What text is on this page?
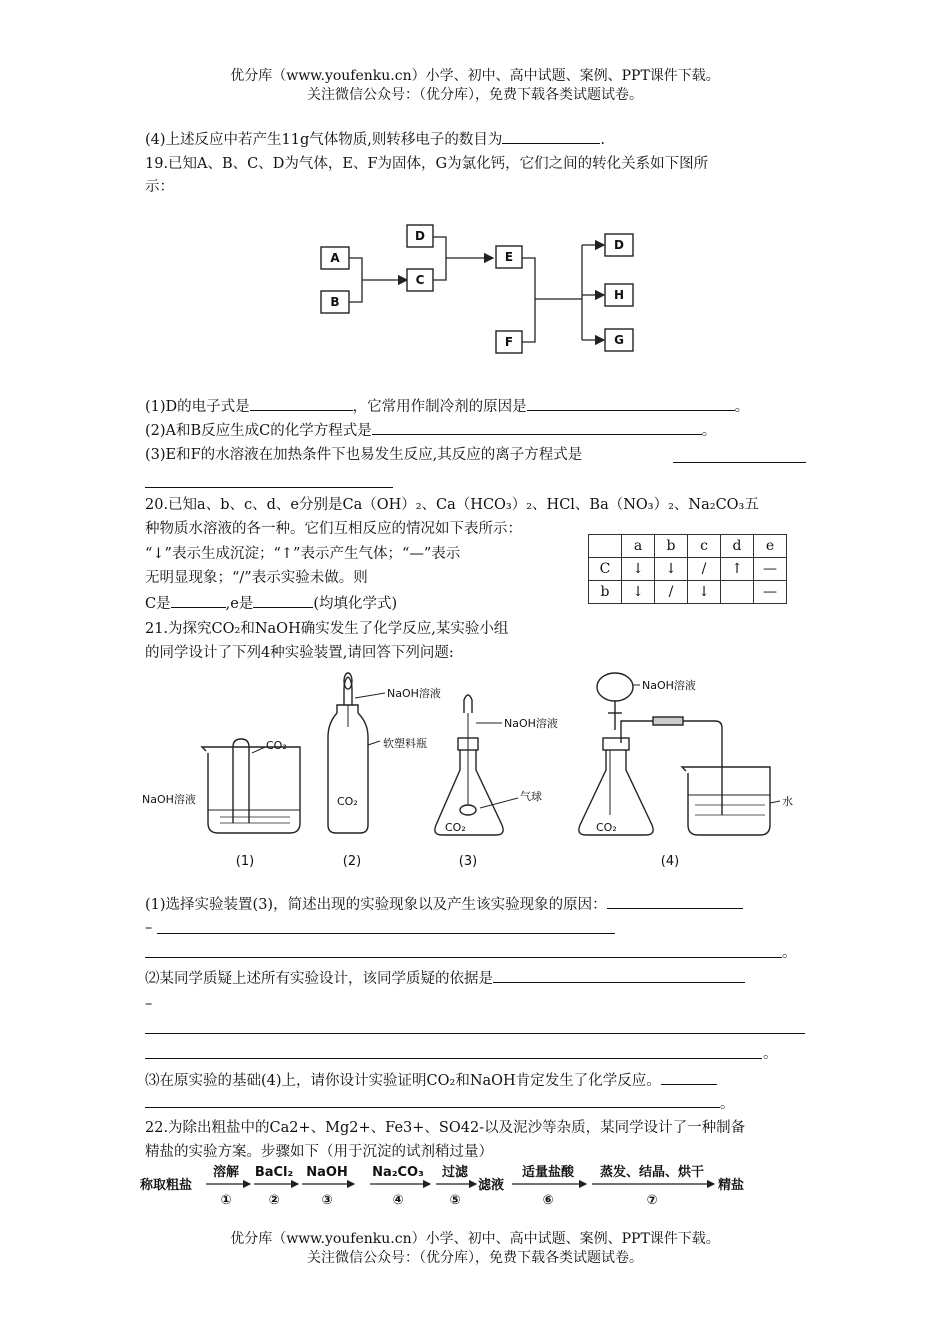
优分库（www.youfenku.cn）小学、初中、高中试题、案例、PPT课件下载。
关注微信公众号：（优分库），免费下载各类试题试卷。
(4)上述反应中若产生11g气体物质,则转移电子的数目为	.
19.已知A、B、C、D为气体，E、F为固体，G为氯化钙，它们之间的转化关系如下图所
示：
A
B
D
C
E
F
D
H
G
(1)D的电子式是	，它常用作制冷剂的原因是	。
(2)A和B反应生成C的化学方程式是	。
(3)E和F的水溶液在加热条件下也易发生反应,其反应的离子方程式是
20.已知a、b、c、d、e分别是Ca（OH）₂、Ca（HCO₃）₂、HCl、Ba（NO₃）₂、Na₂CO₃五
种物质水溶液的各一种。它们互相反应的情况如下表所示：
“↓”表示生成沉淀；“↑”表示产生气体；“—”表示
无明显现象；“/”表示实验未做。则
C是	,e是	(均填化学式)
	a	b	c	d	e
C	↓	↓	/	↑	—
b	↓	/	↓		—
21.为探究CO₂和NaOH确实发生了化学反应,某实验小组
的同学设计了下列4种实验装置,请回答下列问题:
CO₂
NaOH溶液
NaOH溶液
软塑料瓶
CO₂
NaOH溶液
气球
CO₂
NaOH溶液
CO₂
水
(1)	(2)	(3)	(4)
(1)选择实验装置(3)，简述出现的实验现象以及产生该实验现象的原因：
–
。
⑵某同学质疑上述所有实验设计，该同学质疑的依据是
–
。
⑶在原实验的基础(4)上，请你设计实验证明CO₂和NaOH肯定发生了化学反应。
。
22.为除出粗盐中的Ca2+、Mg2+、Fe3+、SO42-以及泥沙等杂质，某同学设计了一种制备
精盐的实验方案。步骤如下（用于沉淀的试剂稍过量）
称取粗盐	滤液	精盐
溶解 BaCl₂ NaOH Na₂CO₃ 过滤	适量盐酸 蒸发、结晶、烘干
①	②	③	④	⑤	⑥	⑦
优分库（www.youfenku.cn）小学、初中、高中试题、案例、PPT课件下载。
关注微信公众号：（优分库），免费下载各类试题试卷。
